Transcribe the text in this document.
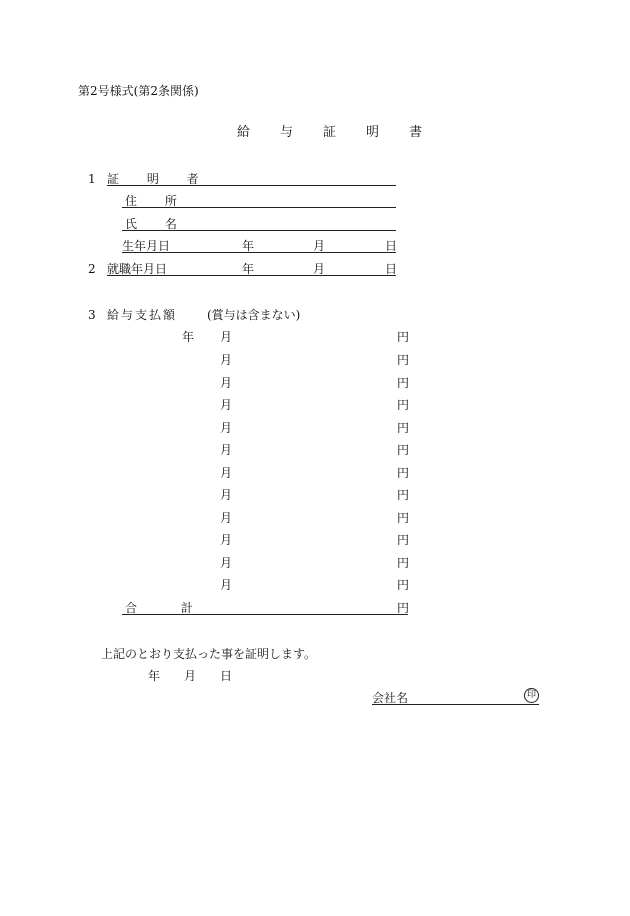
第2号様式(第2条関係)
給与証明書
1 証 明 者
住 所
氏 名
生年月日	年	月	日
2 就職年月日	年	月	日
3 給与支払額 (賞与は含まない)
年 月	円
月	円
月	円
月	円
月	円
月	円
月	円
月	円
月	円
月	円
月	円
月	円
合 計	円
上記のとおり支払った事を証明します。
年 月 日
会社名	印
